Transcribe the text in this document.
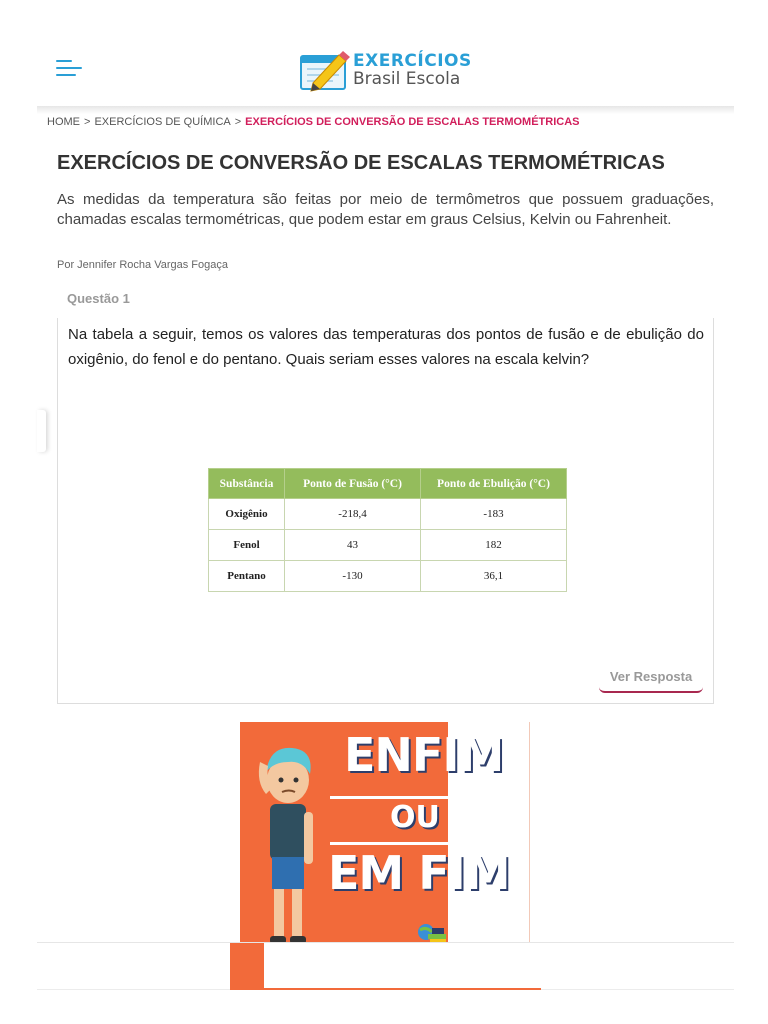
EXERCÍCIOS
Brasil Escola
HOME > EXERCÍCIOS DE QUÍMICA > EXERCÍCIOS DE CONVERSÃO DE ESCALAS TERMOMÉTRICAS
EXERCÍCIOS DE CONVERSÃO DE ESCALAS TERMOMÉTRICAS

As medidas da temperatura são feitas por meio de termômetros que possuem graduações, chamadas escalas termométricas, que podem estar em graus Celsius, Kelvin ou Fahrenheit.

Por Jennifer Rocha Vargas Fogaça
Questão 1

Na tabela a seguir, temos os valores das temperaturas dos pontos de fusão e de ebulição do oxigênio, do fenol e do pentano. Quais seriam esses valores na escala kelvin?

Substância	Ponto de Fusão (°C)	Ponto de Ebulição (°C)
Oxigênio	-218,4	-183
Fenol	43	182
Pentano	-130	36,1
Ver Resposta
ENFIM
OU
EM FIM
